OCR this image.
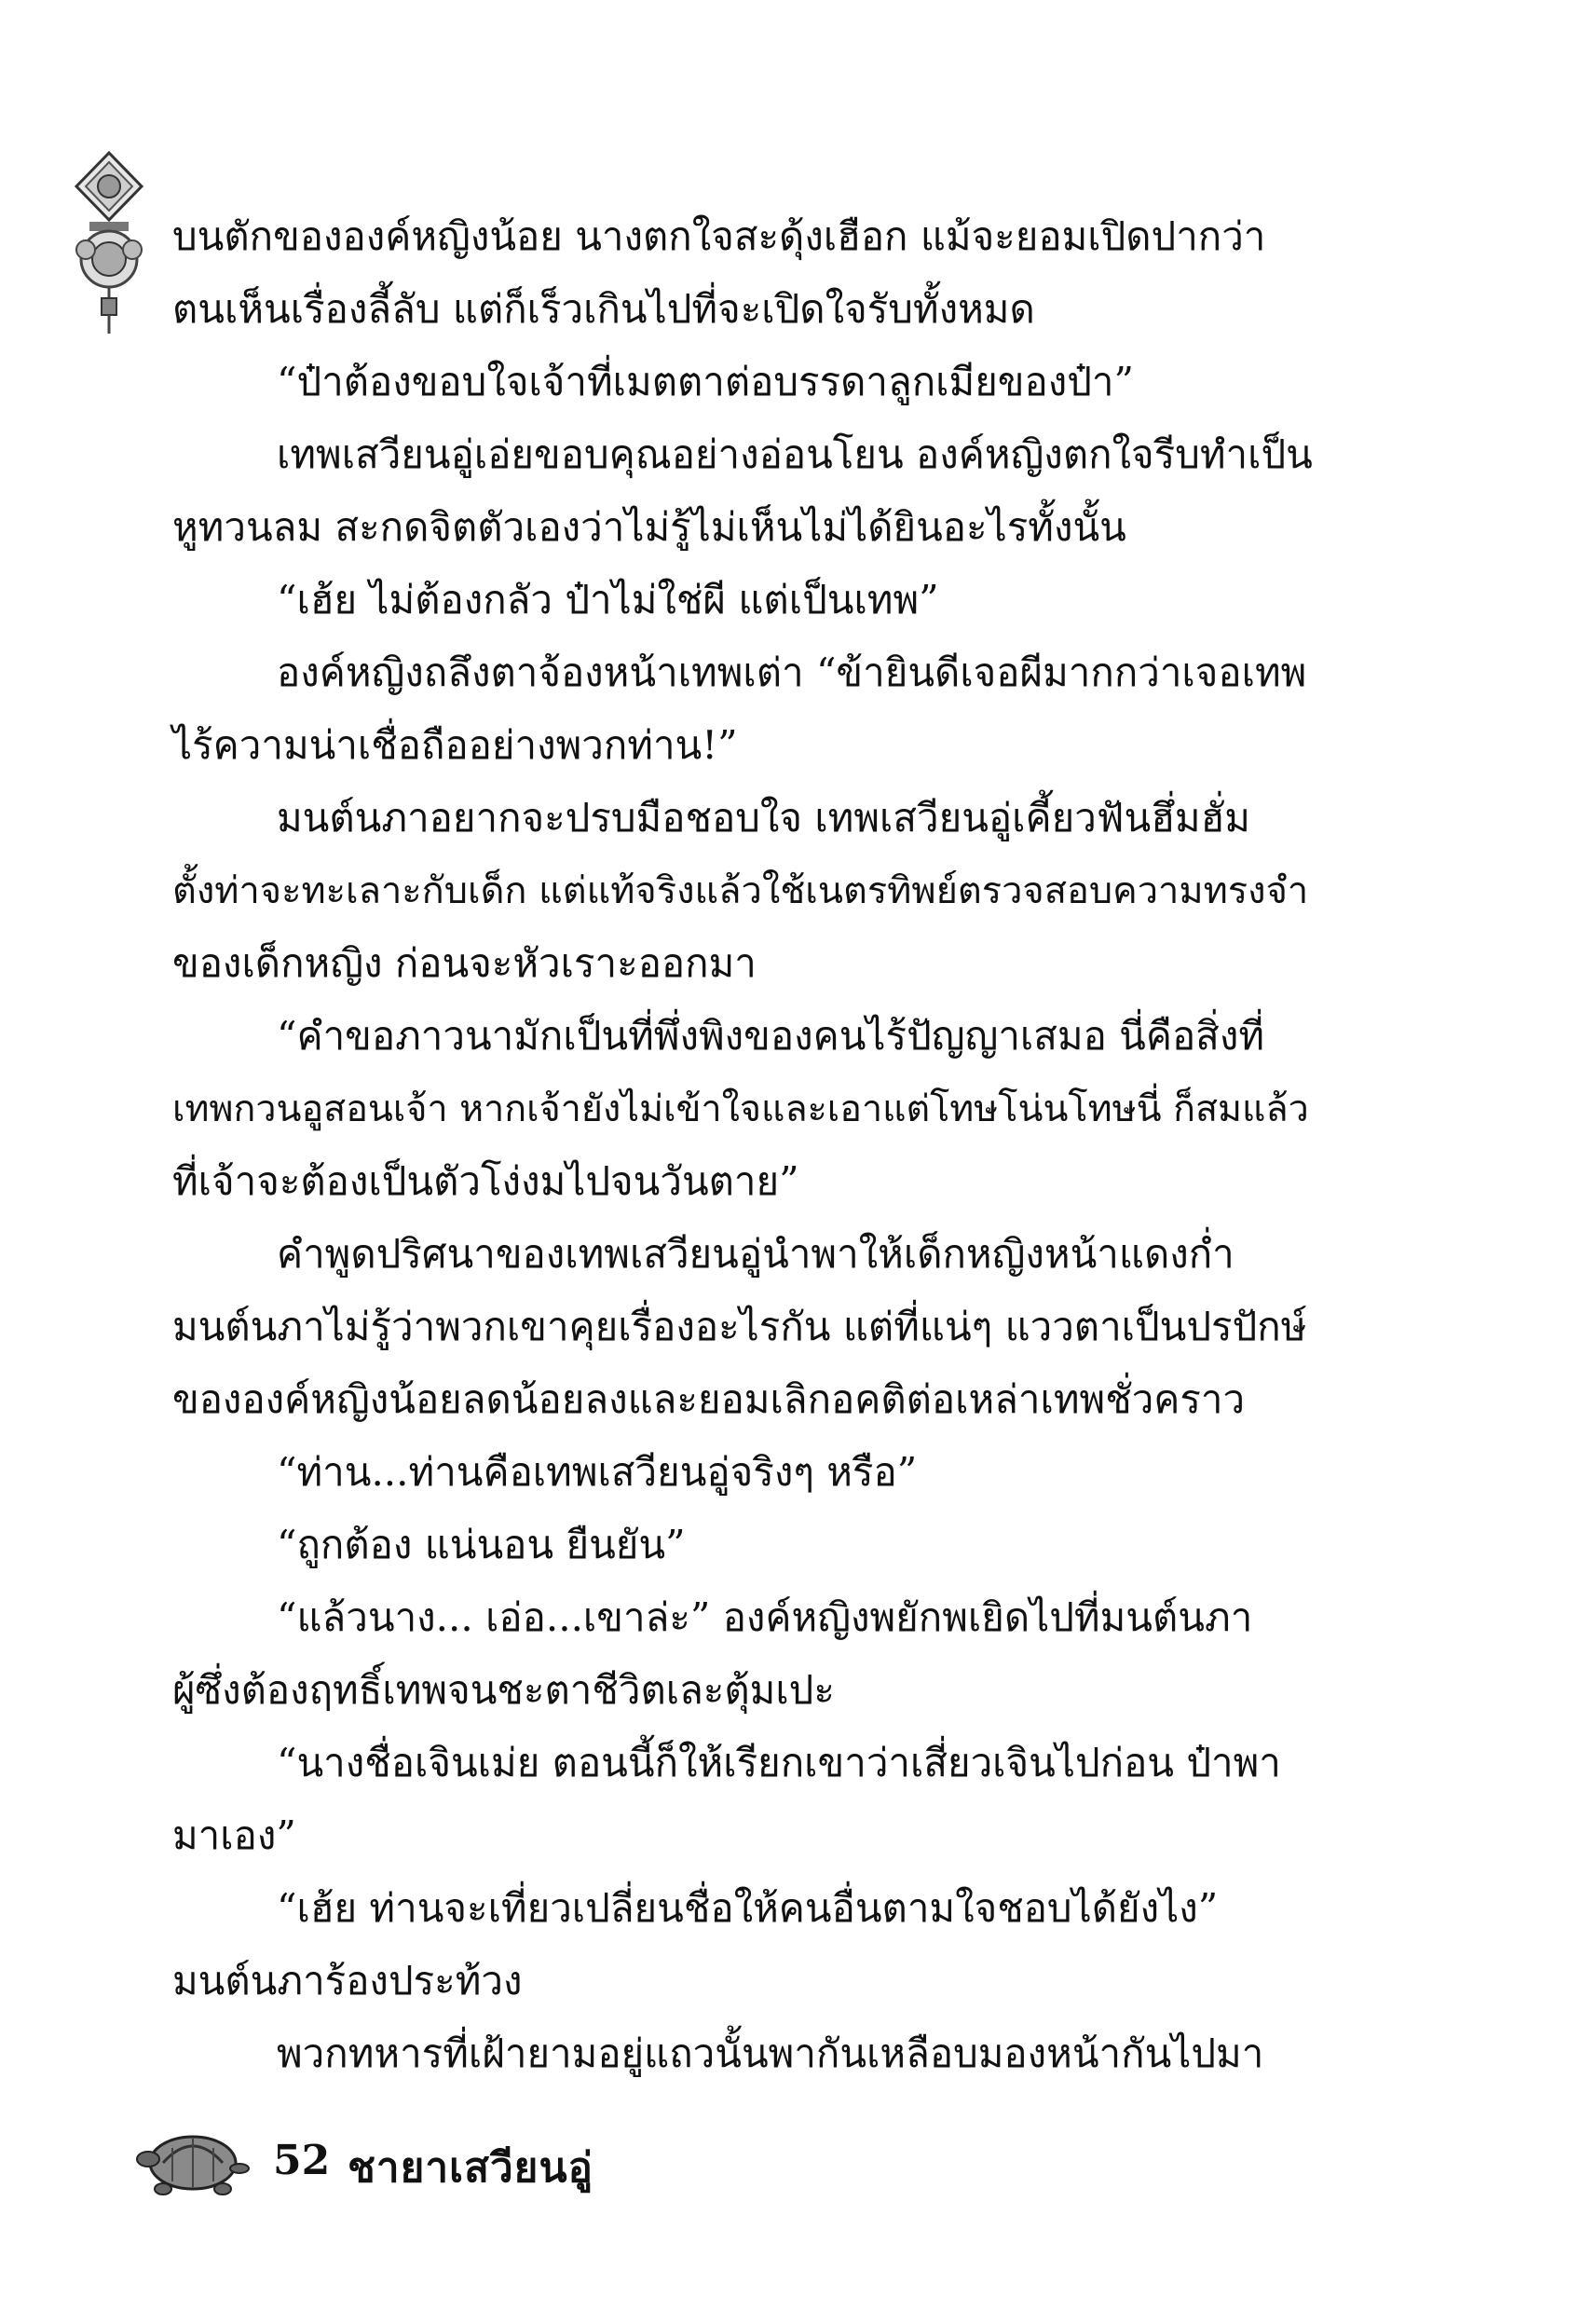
บนตักขององค์หญิงน้อย นางตกใจสะดุ้งเฮือก แม้จะยอมเปิดปากว่า
ตนเห็นเรื่องลี้ลับ แต่ก็เร็วเกินไปที่จะเปิดใจรับทั้งหมด
“ป๋าต้องขอบใจเจ้าที่เมตตาต่อบรรดาลูกเมียของป๋า”
เทพเสวียนอู่เอ่ยขอบคุณอย่างอ่อนโยน องค์หญิงตกใจรีบทำเป็น
หูทวนลม สะกดจิตตัวเองว่าไม่รู้ไม่เห็นไม่ได้ยินอะไรทั้งนั้น
“เฮ้ย ไม่ต้องกลัว ป๋าไม่ใช่ผี แต่เป็นเทพ”
องค์หญิงถลึงตาจ้องหน้าเทพเต่า “ข้ายินดีเจอผีมากกว่าเจอเทพ
ไร้ความน่าเชื่อถืออย่างพวกท่าน!”
มนต์นภาอยากจะปรบมือชอบใจ เทพเสวียนอู่เคี้ยวฟันฮึ่มฮั่ม
ตั้งท่าจะทะเลาะกับเด็ก แต่แท้จริงแล้วใช้เนตรทิพย์ตรวจสอบความทรงจำ
ของเด็กหญิง ก่อนจะหัวเราะออกมา
“คำขอภาวนามักเป็นที่พึ่งพิงของคนไร้ปัญญาเสมอ นี่คือสิ่งที่
เทพกวนอูสอนเจ้า หากเจ้ายังไม่เข้าใจและเอาแต่โทษโน่นโทษนี่ ก็สมแล้ว
ที่เจ้าจะต้องเป็นตัวโง่งมไปจนวันตาย”
คำพูดปริศนาของเทพเสวียนอู่นำพาให้เด็กหญิงหน้าแดงก่ำ
มนต์นภาไม่รู้ว่าพวกเขาคุยเรื่องอะไรกัน แต่ที่แน่ๆ แววตาเป็นปรปักษ์
ขององค์หญิงน้อยลดน้อยลงและยอมเลิกอคติต่อเหล่าเทพชั่วคราว
“ท่าน...ท่านคือเทพเสวียนอู่จริงๆ หรือ”
“ถูกต้อง แน่นอน ยืนยัน”
“แล้วนาง... เอ่อ...เขาล่ะ” องค์หญิงพยักพเยิดไปที่มนต์นภา
ผู้ซึ่งต้องฤทธิ์เทพจนชะตาชีวิตเละตุ้มเปะ
“นางชื่อเจินเม่ย ตอนนี้ก็ให้เรียกเขาว่าเสี่ยวเจินไปก่อน ป๋าพา
มาเอง”
“เฮ้ย ท่านจะเที่ยวเปลี่ยนชื่อให้คนอื่นตามใจชอบได้ยังไง”
มนต์นภาร้องประท้วง
พวกทหารที่เฝ้ายามอยู่แถวนั้นพากันเหลือบมองหน้ากันไปมา
52 ชายาเสวียนอู่
